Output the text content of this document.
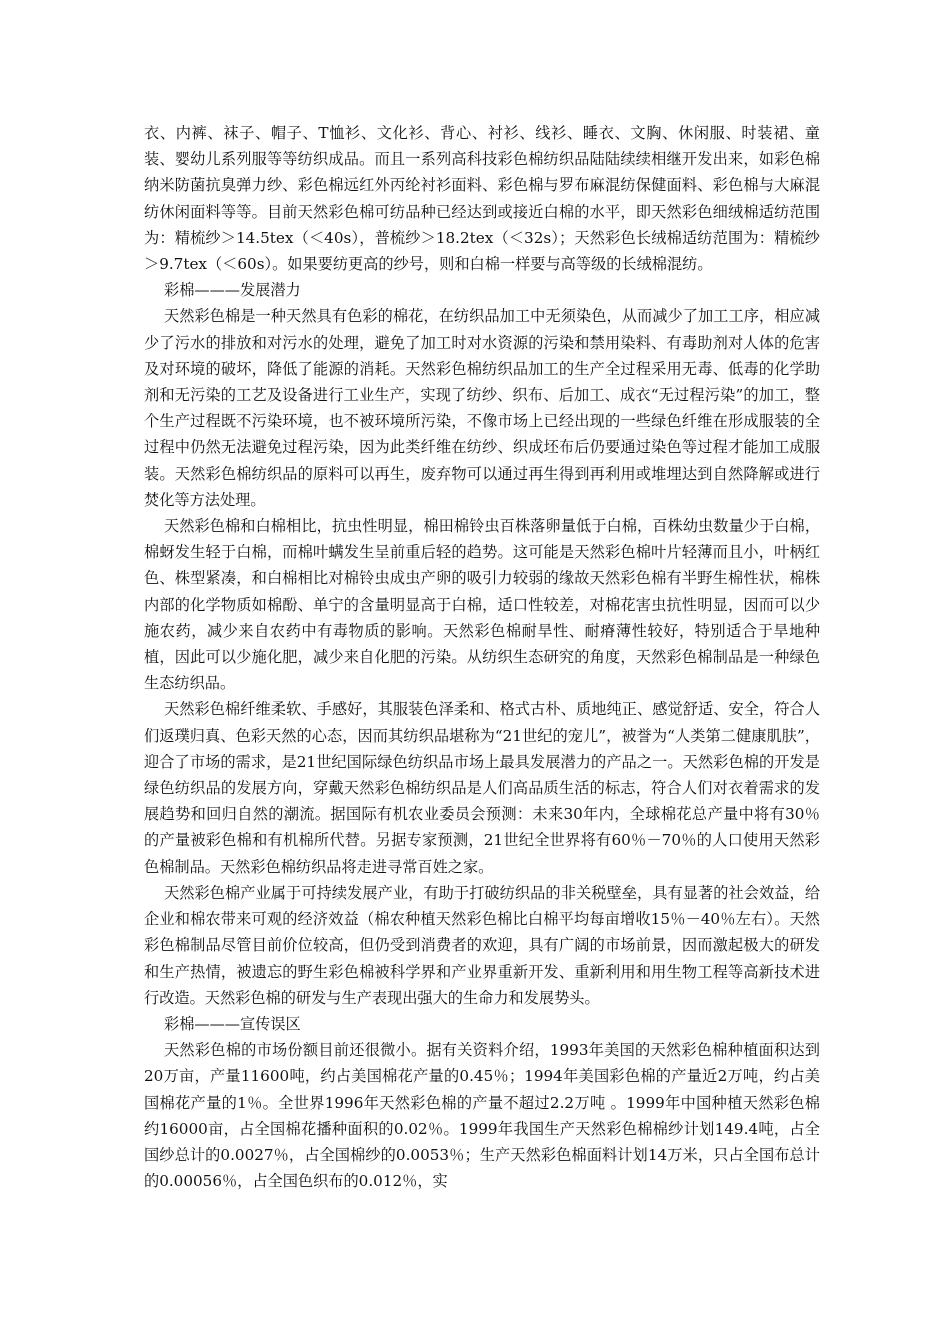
衣、内裤、袜子、帽子、T恤衫、文化衫、背心、衬衫、线衫、睡衣、文胸、休闲服、时装裙、童装、婴幼儿系列服等等纺织成品。而且一系列高科技彩色棉纺织品陆陆续续相继开发出来，如彩色棉纳米防菌抗臭弹力纱、彩色棉远红外丙纶衬衫面料、彩色棉与罗布麻混纺保健面料、彩色棉与大麻混纺休闲面料等等。目前天然彩色棉可纺品种已经达到或接近白棉的水平，即天然彩色细绒棉适纺范围为：精梳纱＞14.5tex（＜40s），普梳纱＞18.2tex（＜32s）；天然彩色长绒棉适纺范围为：精梳纱＞9.7tex（＜60s）。如果要纺更高的纱号，则和白棉一样要与高等级的长绒棉混纺。

彩棉———发展潜力

天然彩色棉是一种天然具有色彩的棉花，在纺织品加工中无须染色，从而减少了加工工序，相应减少了污水的排放和对污水的处理，避免了加工时对水资源的污染和禁用染料、有毒助剂对人体的危害及对环境的破坏，降低了能源的消耗。天然彩色棉纺织品加工的生产全过程采用无毒、低毒的化学助剂和无污染的工艺及设备进行工业生产，实现了纺纱、织布、后加工、成衣“无过程污染”的加工，整个生产过程既不污染环境，也不被环境所污染，不像市场上已经出现的一些绿色纤维在形成服装的全过程中仍然无法避免过程污染，因为此类纤维在纺纱、织成坯布后仍要通过染色等过程才能加工成服装。天然彩色棉纺织品的原料可以再生，废弃物可以通过再生得到再利用或堆埋达到自然降解或进行焚化等方法处理。

天然彩色棉和白棉相比，抗虫性明显，棉田棉铃虫百株落卵量低于白棉，百株幼虫数量少于白棉，棉蚜发生轻于白棉，而棉叶螨发生呈前重后轻的趋势。这可能是天然彩色棉叶片轻薄而且小，叶柄红色、株型紧凑，和白棉相比对棉铃虫成虫产卵的吸引力较弱的缘故天然彩色棉有半野生棉性状，棉株内部的化学物质如棉酚、单宁的含量明显高于白棉，适口性较差，对棉花害虫抗性明显，因而可以少施农药，减少来自农药中有毒物质的影响。天然彩色棉耐旱性、耐瘠薄性较好，特别适合于旱地种植，因此可以少施化肥，减少来自化肥的污染。从纺织生态研究的角度，天然彩色棉制品是一种绿色生态纺织品。

天然彩色棉纤维柔软、手感好，其服装色泽柔和、格式古朴、质地纯正、感觉舒适、安全，符合人们返璞归真、色彩天然的心态，因而其纺织品堪称为“21世纪的宠儿”，被誉为“人类第二健康肌肤”，迎合了市场的需求，是21世纪国际绿色纺织品市场上最具发展潜力的产品之一。天然彩色棉的开发是绿色纺织品的发展方向，穿戴天然彩色棉纺织品是人们高品质生活的标志，符合人们对衣着需求的发展趋势和回归自然的潮流。据国际有机农业委员会预测：未来30年内，全球棉花总产量中将有30％的产量被彩色棉和有机棉所代替。另据专家预测，21世纪全世界将有60％－70％的人口使用天然彩色棉制品。天然彩色棉纺织品将走进寻常百姓之家。

天然彩色棉产业属于可持续发展产业，有助于打破纺织品的非关税壁垒，具有显著的社会效益，给企业和棉农带来可观的经济效益（棉农种植天然彩色棉比白棉平均每亩增收15％－40％左右）。天然彩色棉制品尽管目前价位较高，但仍受到消费者的欢迎，具有广阔的市场前景，因而激起极大的研发和生产热情，被遗忘的野生彩色棉被科学界和产业界重新开发、重新利用和用生物工程等高新技术进行改造。天然彩色棉的研发与生产表现出强大的生命力和发展势头。

彩棉———宣传误区

天然彩色棉的市场份额目前还很微小。据有关资料介绍，1993年美国的天然彩色棉种植面积达到20万亩，产量11600吨，约占美国棉花产量的0.45％；1994年美国彩色棉的产量近2万吨，约占美国棉花产量的1％。全世界1996年天然彩色棉的产量不超过2.2万吨 。1999年中国种植天然彩色棉约16000亩，占全国棉花播种面积的0.02％。1999年我国生产天然彩色棉棉纱计划149.4吨，占全国纱总计的0.0027％，占全国棉纱的0.0053％；生产天然彩色棉面料计划14万米，只占全国布总计的0.00056％，占全国色织布的0.012％，实
